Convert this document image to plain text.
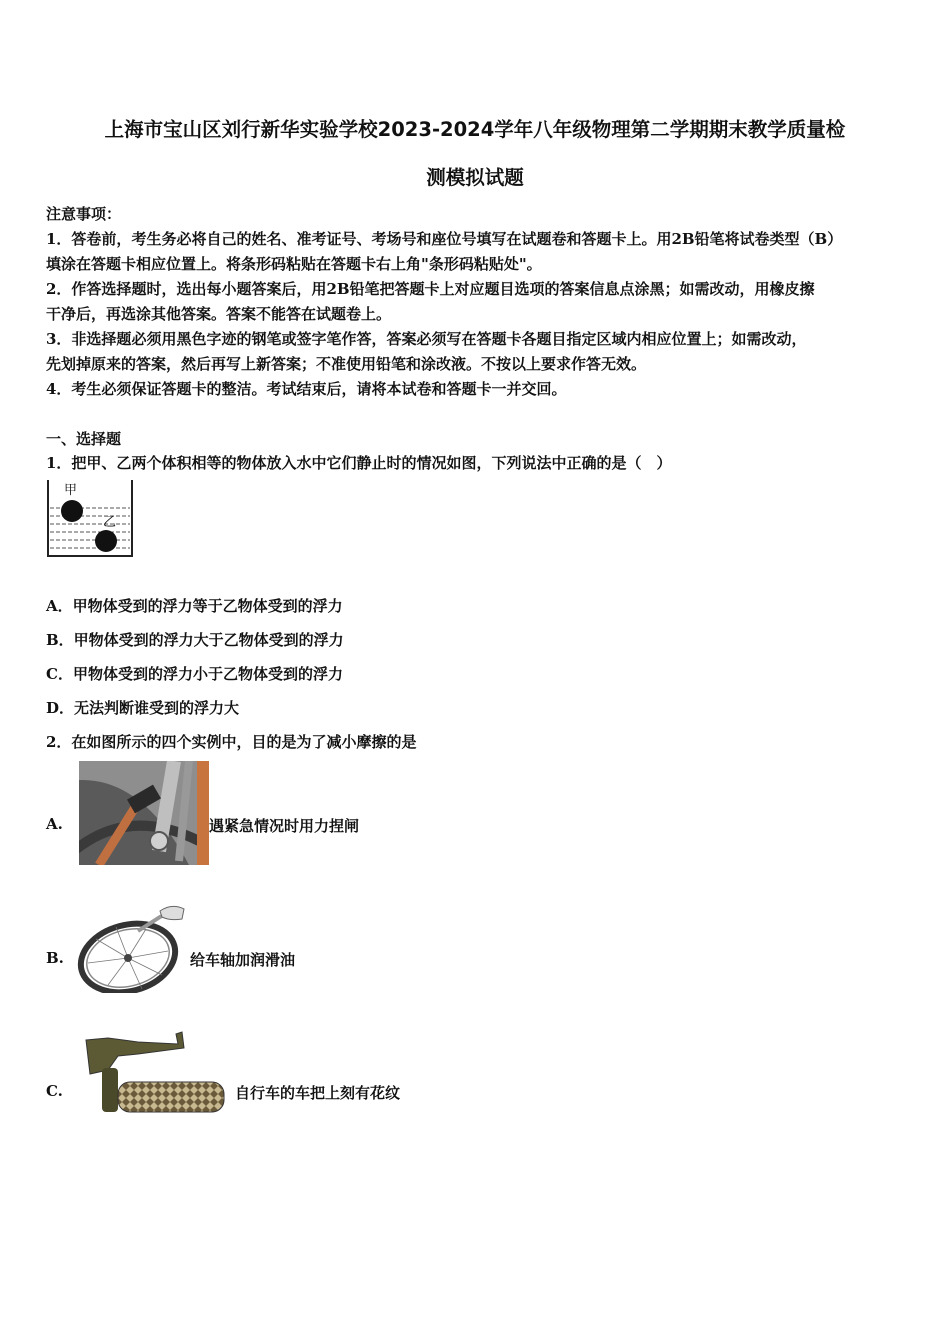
上海市宝山区刘行新华实验学校2023-2024学年八年级物理第二学期期末教学质量检
测模拟试题
注意事项：
1．答卷前，考生务必将自己的姓名、准考证号、考场号和座位号填写在试题卷和答题卡上。用2B铅笔将试卷类型（B）
填涂在答题卡相应位置上。将条形码粘贴在答题卡右上角"条形码粘贴处"。
2．作答选择题时，选出每小题答案后，用2B铅笔把答题卡上对应题目选项的答案信息点涂黑；如需改动，用橡皮擦
干净后，再选涂其他答案。答案不能答在试题卷上。
3．非选择题必须用黑色字迹的钢笔或签字笔作答，答案必须写在答题卡各题目指定区域内相应位置上；如需改动，
先划掉原来的答案，然后再写上新答案；不准使用铅笔和涂改液。不按以上要求作答无效。
4．考生必须保证答题卡的整洁。考试结束后，请将本试卷和答题卡一并交回。
一、选择题
1．把甲、乙两个体积相等的物体放入水中它们静止时的情况如图，下列说法中正确的是（　）
甲
乙
A．甲物体受到的浮力等于乙物体受到的浮力
B．甲物体受到的浮力大于乙物体受到的浮力
C．甲物体受到的浮力小于乙物体受到的浮力
D．无法判断谁受到的浮力大
2．在如图所示的四个实例中，目的是为了减小摩擦的是
A.	遇紧急情况时用力捏闸
B.	给车轴加润滑油
C.	自行车的车把上刻有花纹
